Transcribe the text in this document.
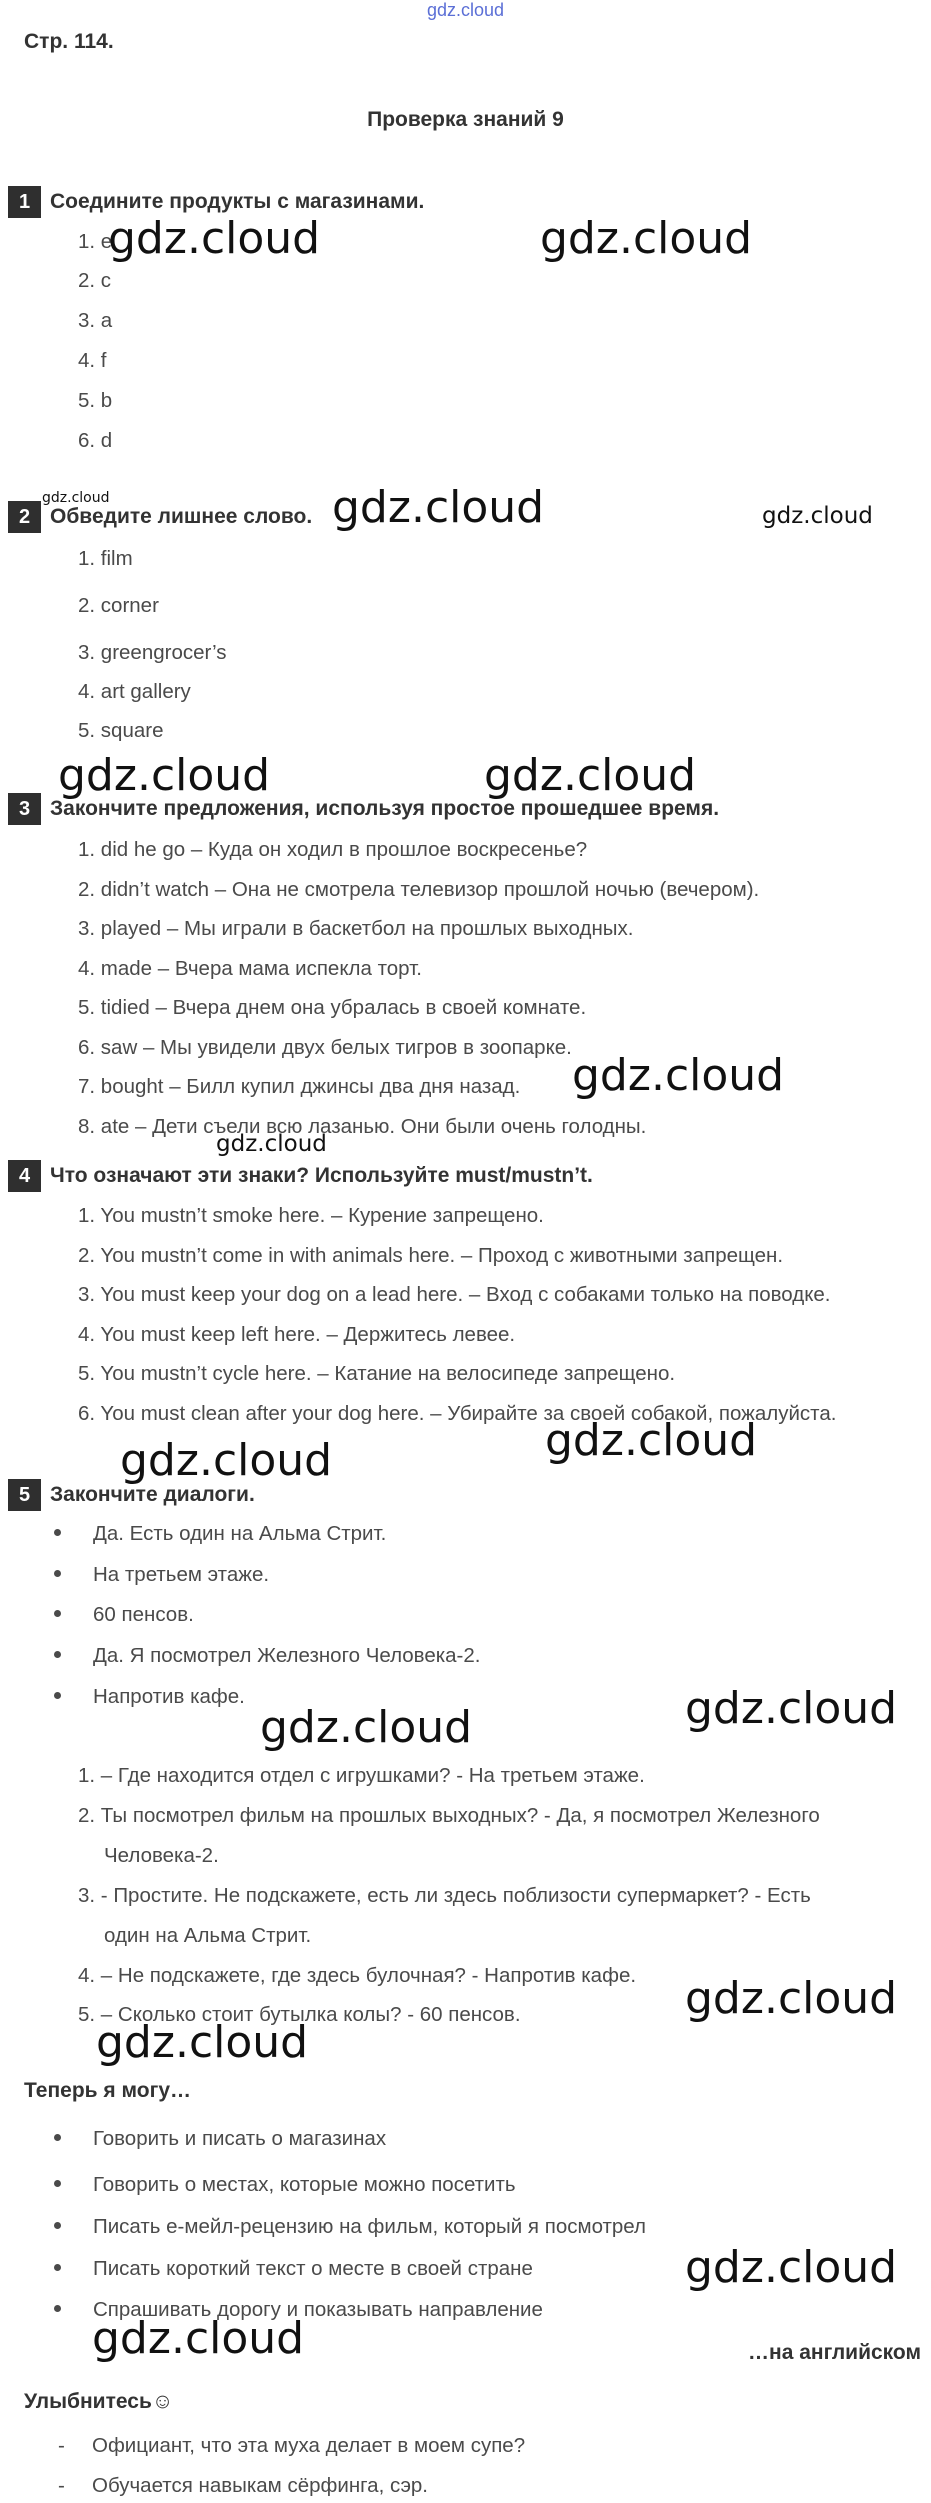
gdz.cloud
Стр. 114.
Проверка знаний 9
1 Соедините продукты с магазинами.
1. e
2. c
3. a
4. f
5. b
6. d
2 Обведите лишнее слово.
1. film
2. corner
3. greengrocer’s
4. art gallery
5. square
3 Закончите предложения, используя простое прошедшее время.
1. did he go – Куда он ходил в прошлое воскресенье?
2. didn’t watch – Она не смотрела телевизор прошлой ночью (вечером).
3. played – Мы играли в баскетбол на прошлых выходных.
4. made – Вчера мама испекла торт.
5. tidied – Вчера днем она убралась в своей комнате.
6. saw – Мы увидели двух белых тигров в зоопарке.
7. bought – Билл купил джинсы два дня назад.
8. ate – Дети съели всю лазанью. Они были очень голодны.
4 Что означают эти знаки? Используйте must/mustn’t.
1. You mustn’t smoke here. – Курение запрещено.
2. You mustn’t come in with animals here. – Проход с животными запрещен.
3. You must keep your dog on a lead here. – Вход с собаками только на поводке.
4. You must keep left here. – Держитесь левее.
5. You mustn’t cycle here. – Катание на велосипеде запрещено.
6. You must clean after your dog here. – Убирайте за своей собакой, пожалуйста.
5 Закончите диалоги.
Да. Есть один на Альма Стрит.
На третьем этаже.
60 пенсов.
Да. Я посмотрел Железного Человека-2.
Напротив кафе.
1. – Где находится отдел с игрушками? - На третьем этаже.
2. Ты посмотрел фильм на прошлых выходных? - Да, я посмотрел Железного
Человека-2.
3. - Простите. Не подскажете, есть ли здесь поблизости супермаркет? - Есть
один на Альма Стрит.
4. – Не подскажете, где здесь булочная? - Напротив кафе.
5. – Сколько стоит бутылка колы? - 60 пенсов.
Теперь я могу…
Говорить и писать о магазинах
Говорить о местах, которые можно посетить
Писать е-мейл-рецензию на фильм, который я посмотрел
Писать короткий текст о месте в своей стране
Спрашивать дорогу и показывать направление
…на английском
Улыбнитесь☺
- Официант, что эта муха делает в моем супе?
- Обучается навыкам сёрфинга, сэр.
gdz.cloud	gdz.cloud
gdz.cloud	gdz.cloud	gdz.cloud
gdz.cloud	gdz.cloud
gdz.cloud
gdz.cloud
gdz.cloud	gdz.cloud
gdz.cloud	gdz.cloud
gdz.cloud
gdz.cloud
gdz.cloud
gdz.cloud
